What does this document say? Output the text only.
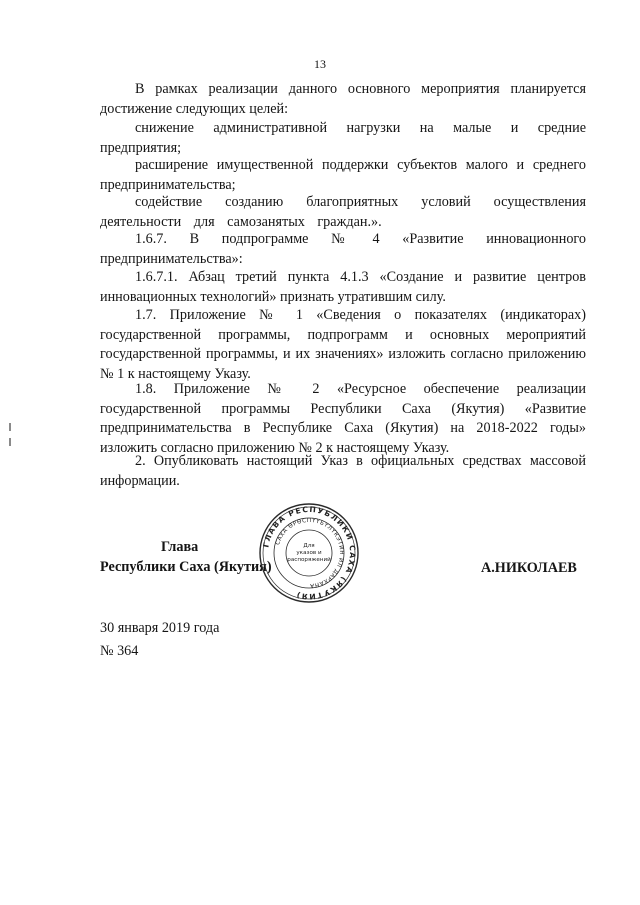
13

В рамках реализации данного основного мероприятия планируется достижение следующих целей:

снижение административной нагрузки на малые и средние предприятия;

расширение имущественной поддержки субъектов малого и среднего предпринимательства;

содействие созданию благоприятных условий осуществления деятельности для самозанятых граждан.».

1.6.7. В подпрограмме № 4 «Развитие инновационного предпринимательства»:

1.6.7.1. Абзац третий пункта 4.1.3 «Создание и развитие центров инновационных технологий» признать утратившим силу.

1.7. Приложение № 1 «Сведения о показателях (индикаторах) государственной программы, подпрограмм и основных мероприятий государственной программы, и их значениях» изложить согласно приложению № 1 к настоящему Указу.

1.8. Приложение № 2 «Ресурсное обеспечение реализации государственной программы Республики Саха (Якутия) «Развитие предпринимательства в Республике Саха (Якутия) на 2018-2022 годы» изложить согласно приложению № 2 к настоящему Указу.

2. Опубликовать настоящий Указ в официальных средствах массовой информации.

Глава
Республики Саха (Якутия)	А.НИКОЛАЕВ
ГЛАВА РЕСПУБЛИКИ САХА (ЯКУТИЯ)
САХА ӨРӨСПҮҮБҮЛҮКЭТИН ИЛ ДАРХАНА
Для
указов и
распоряжений
30 января 2019 года
№ 364
